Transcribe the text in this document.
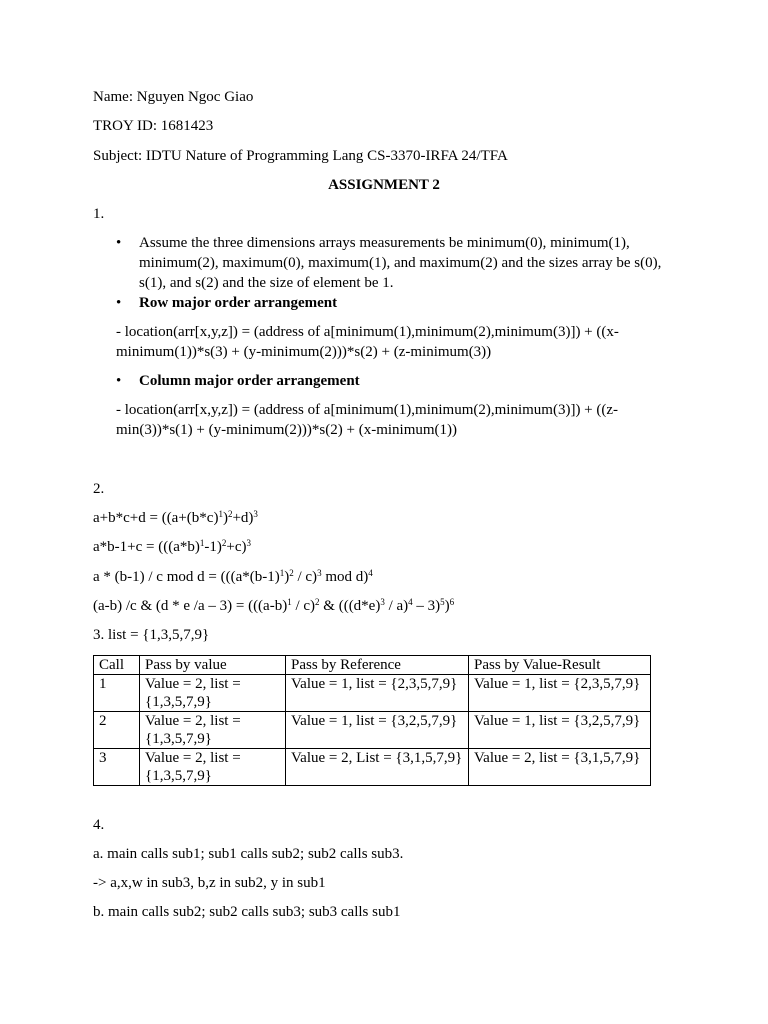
Name: Nguyen Ngoc Giao
TROY ID: 1681423
Subject: IDTU Nature of Programming Lang CS-3370-IRFA 24/TFA
ASSIGNMENT 2
1.
• Assume the three dimensions arrays measurements be minimum(0), minimum(1), minimum(2), maximum(0), maximum(1), and maximum(2) and the sizes array be s(0), s(1), and s(2) and the size of element be 1.
• Row major order arrangement
- location(arr[x,y,z]) = (address of a[minimum(1),minimum(2),minimum(3)]) + ((x-minimum(1))*s(3) + (y-minimum(2)))*s(2) + (z-minimum(3))
• Column major order arrangement
- location(arr[x,y,z]) = (address of a[minimum(1),minimum(2),minimum(3)]) + ((z-min(3))*s(1) + (y-minimum(2)))*s(2) + (x-minimum(1))
2.
$a+b*c+d = ((a+(b*c)^1)^2+d)^3$
$a*b-1+c = (((a*b)^1-1)^2+c)^3$
a * (b-1) / c mod $d = (((a*(b-1)^1)^2 / c)^3$ mod d)$^4$
(a-b) /c & (d * e $/a - 3) = (((a-b)^1 / c)^2$ & $(((d*e)^3 / a)^4 - 3)^5)^6$
3. list = {1,3,5,7,9}
Call	Pass by value	Pass by Reference	Pass by Value-Result
1	Value = 2, list = {1,3,5,7,9}	Value = 1, list = {2,3,5,7,9}	Value = 1, list = {2,3,5,7,9}
2	Value = 2, list = {1,3,5,7,9}	Value = 1, list = {3,2,5,7,9}	Value = 1, list = {3,2,5,7,9}
3	Value = 2, list = {1,3,5,7,9}	Value = 2, List = {3,1,5,7,9}	Value = 2, list = {3,1,5,7,9}
4.
a. main calls sub1; sub1 calls sub2; sub2 calls sub3.
-> a,x,w in sub3, b,z in sub2, y in sub1
b. main calls sub2; sub2 calls sub3; sub3 calls sub1
